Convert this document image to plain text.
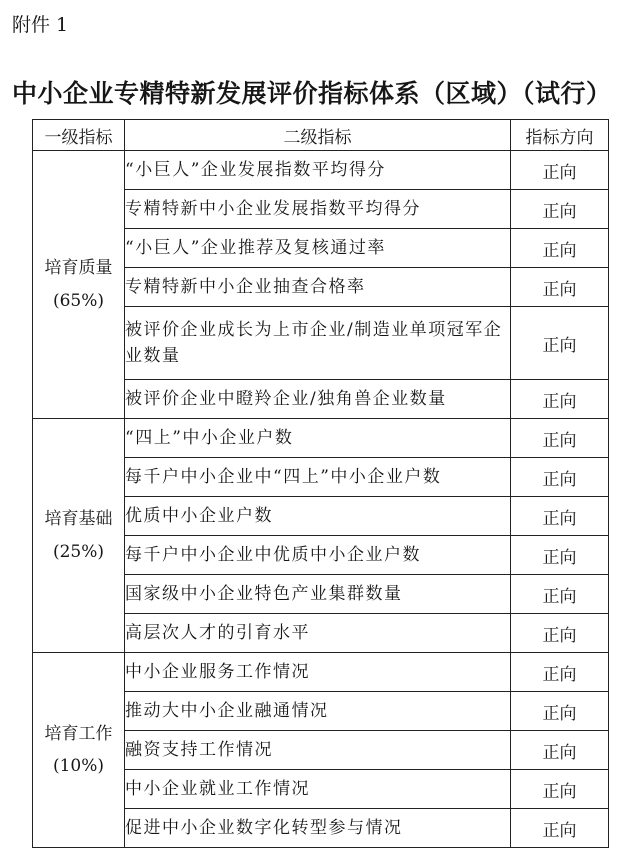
附件 1
中小企业专精特新发展评价指标体系（区域）（试行）
一级指标	二级指标	指标方向

培育质量
(65%)	“小巨人”企业发展指数平均得分	正向
	专精特新中小企业发展指数平均得分	正向
	“小巨人”企业推荐及复核通过率	正向
	专精特新中小企业抽查合格率	正向
	被评价企业成长为上市企业/制造业单项冠军企业数量	正向
	被评价企业中瞪羚企业/独角兽企业数量	正向

培育基础
(25%)	“四上”中小企业户数	正向
	每千户中小企业中“四上”中小企业户数	正向
	优质中小企业户数	正向
	每千户中小企业中优质中小企业户数	正向
	国家级中小企业特色产业集群数量	正向
	高层次人才的引育水平	正向

培育工作
(10%)	中小企业服务工作情况	正向
	推动大中小企业融通情况	正向
	融资支持工作情况	正向
	中小企业就业工作情况	正向
	促进中小企业数字化转型参与情况	正向
